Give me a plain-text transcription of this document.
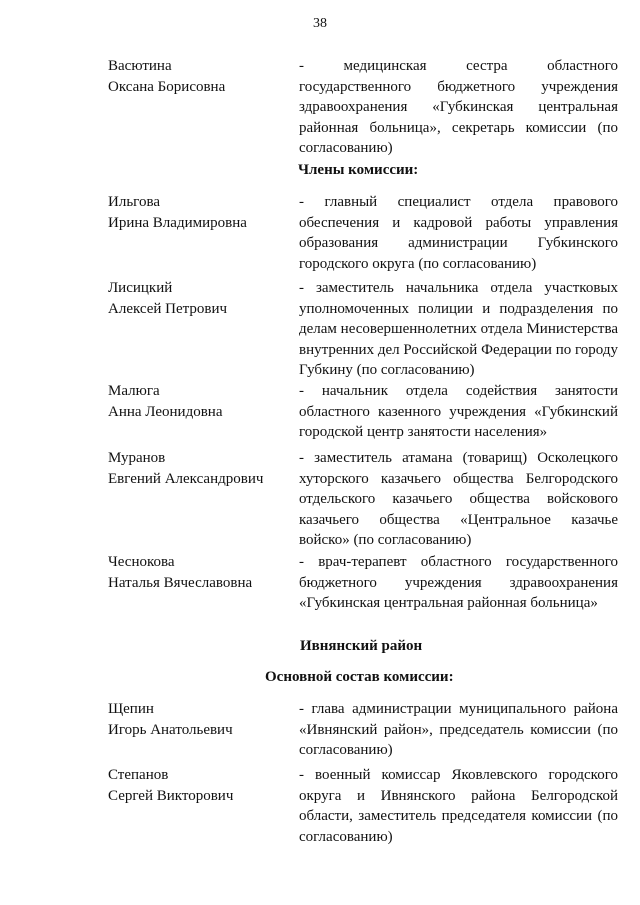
38
Васютина
Оксана Борисовна
- медицинская сестра областного государственного бюджетного учреждения здравоохранения «Губкинская центральная районная больница», секретарь комиссии (по согласованию)
Члены комиссии:
Ильгова
Ирина Владимировна
- главный специалист отдела правового обеспечения и кадровой работы управления образования администрации Губкинского городского округа (по согласованию)
Лисицкий
Алексей Петрович
- заместитель начальника отдела участковых уполномоченных полиции и подразделения по делам несовершеннолетних отдела Министерства внутренних дел Российской Федерации по городу Губкину (по согласованию)
Малюга
Анна Леонидовна
- начальник отдела содействия занятости областного казенного учреждения «Губкинский городской центр занятости населения»
Муранов
Евгений Александрович
- заместитель атамана (товарищ) Осколецкого хуторского казачьего общества Белгородского отдельского казачьего общества войскового казачьего общества «Центральное казачье войско» (по согласованию)
Чеснокова
Наталья Вячеславовна
- врач-терапевт областного государственного бюджетного учреждения здравоохранения «Губкинская центральная районная больница»
Ивнянский район
Основной состав комиссии:
Щепин
Игорь Анатольевич
- глава администрации муниципального района «Ивнянский район», председатель комиссии (по согласованию)
Степанов
Сергей Викторович
- военный комиссар Яковлевского городского округа и Ивнянского района Белгородской области, заместитель председателя комиссии (по согласованию)
